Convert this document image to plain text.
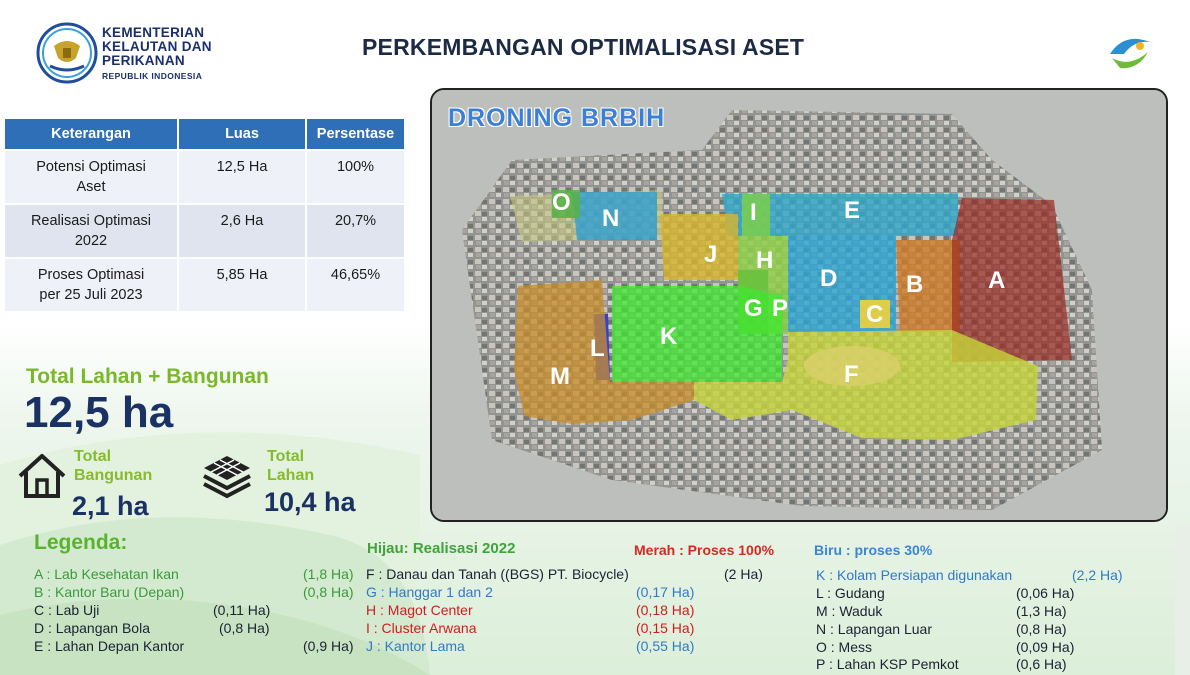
KEMENTERIAN
KELAUTAN DAN
PERIKANAN
REPUBLIK INDONESIA
PERKEMBANGAN OPTIMALISASI ASET
Keterangan	Luas	Persentase
Potensi Optimasi
Aset	12,5 Ha	100%
Realisasi Optimasi
2022	2,6 Ha	20,7%
Proses Optimasi
per 25 Juli 2023	5,85 Ha	46,65%
Total Lahan + Bangunan
12,5 ha
Total
Bangunan
2,1 ha
Total
Lahan
10,4 ha
O
N	E
I
J H
D	B	A
G P	C
K
L
M	F
DRONING BRBIH
Legenda:	Hijau: Realisasi 2022	Merah : Proses 100%	Biru : proses 30%
A : Lab Kesehatan Ikan	(1,8 Ha)
B : Kantor Baru (Depan)	(0,8 Ha)
C : Lab Uji	(0,11 Ha)
D : Lapangan Bola	(0,8 Ha)
E : Lahan Depan Kantor	(0,9 Ha)
F : Danau dan Tanah ((BGS) PT. Biocycle)	(2 Ha)
G : Hanggar 1 dan 2	(0,17 Ha)
H : Magot Center	(0,18 Ha)
I : Cluster Arwana	(0,15 Ha)
J : Kantor Lama	(0,55 Ha)
K : Kolam Persiapan digunakan	(2,2 Ha)
L : Gudang	(0,06 Ha)
M : Waduk	(1,3 Ha)
N : Lapangan Luar	(0,8 Ha)
O : Mess	(0,09 Ha)
P : Lahan KSP Pemkot	(0,6 Ha)
